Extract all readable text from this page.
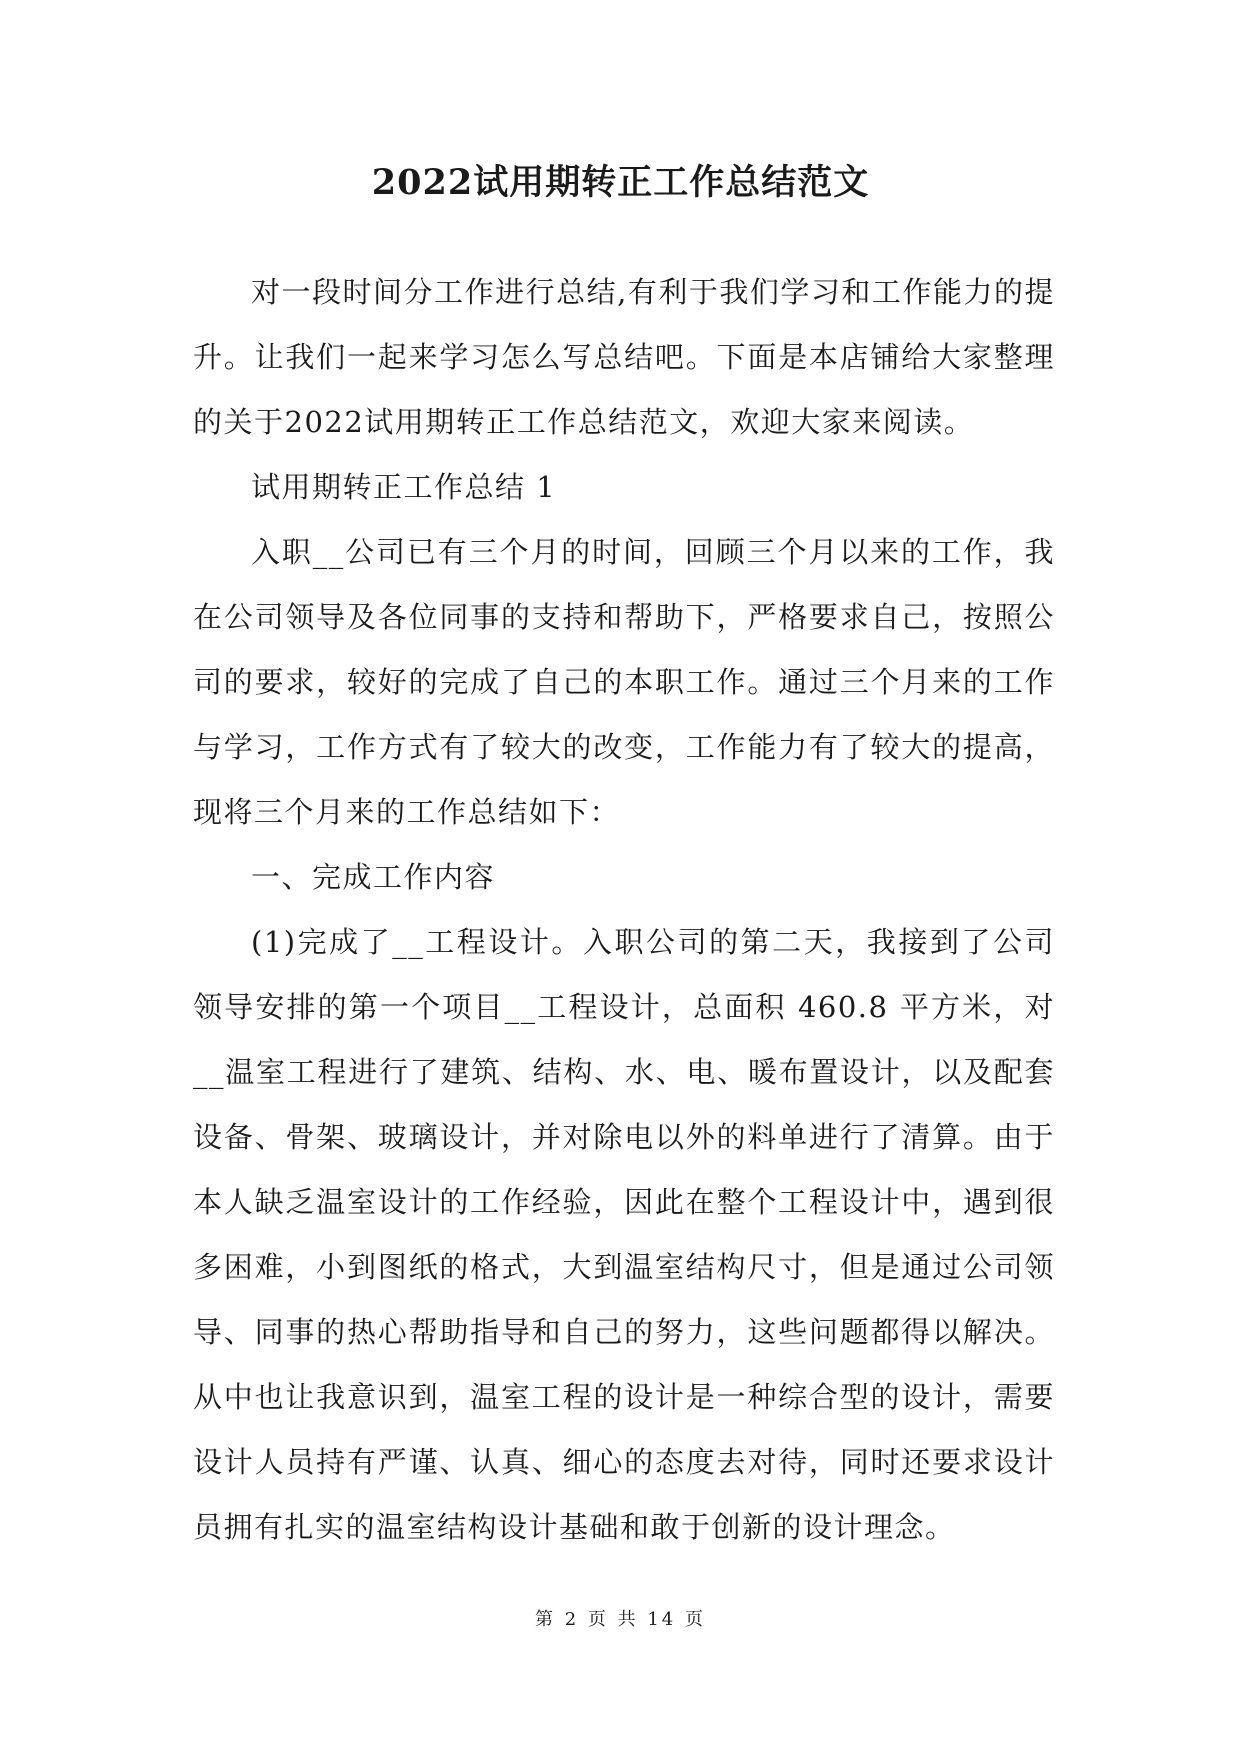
2022试用期转正工作总结范文

对一段时间分工作进行总结,有利于我们学习和工作能力的提升。让我们一起来学习怎么写总结吧。下面是本店铺给大家整理的关于2022试用期转正工作总结范文，欢迎大家来阅读。

试用期转正工作总结 1

入职__公司已有三个月的时间，回顾三个月以来的工作，我在公司领导及各位同事的支持和帮助下，严格要求自己，按照公司的要求，较好的完成了自己的本职工作。通过三个月来的工作与学习，工作方式有了较大的改变，工作能力有了较大的提高，现将三个月来的工作总结如下：

一、完成工作内容

(1)完成了__工程设计。入职公司的第二天，我接到了公司领导安排的第一个项目__工程设计，总面积 460.8 平方米，对__温室工程进行了建筑、结构、水、电、暖布置设计，以及配套设备、骨架、玻璃设计，并对除电以外的料单进行了清算。由于本人缺乏温室设计的工作经验，因此在整个工程设计中，遇到很多困难，小到图纸的格式，大到温室结构尺寸，但是通过公司领导、同事的热心帮助指导和自己的努力，这些问题都得以解决。从中也让我意识到，温室工程的设计是一种综合型的设计，需要设计人员持有严谨、认真、细心的态度去对待，同时还要求设计员拥有扎实的温室结构设计基础和敢于创新的设计理念。

第 2 页 共 14 页
